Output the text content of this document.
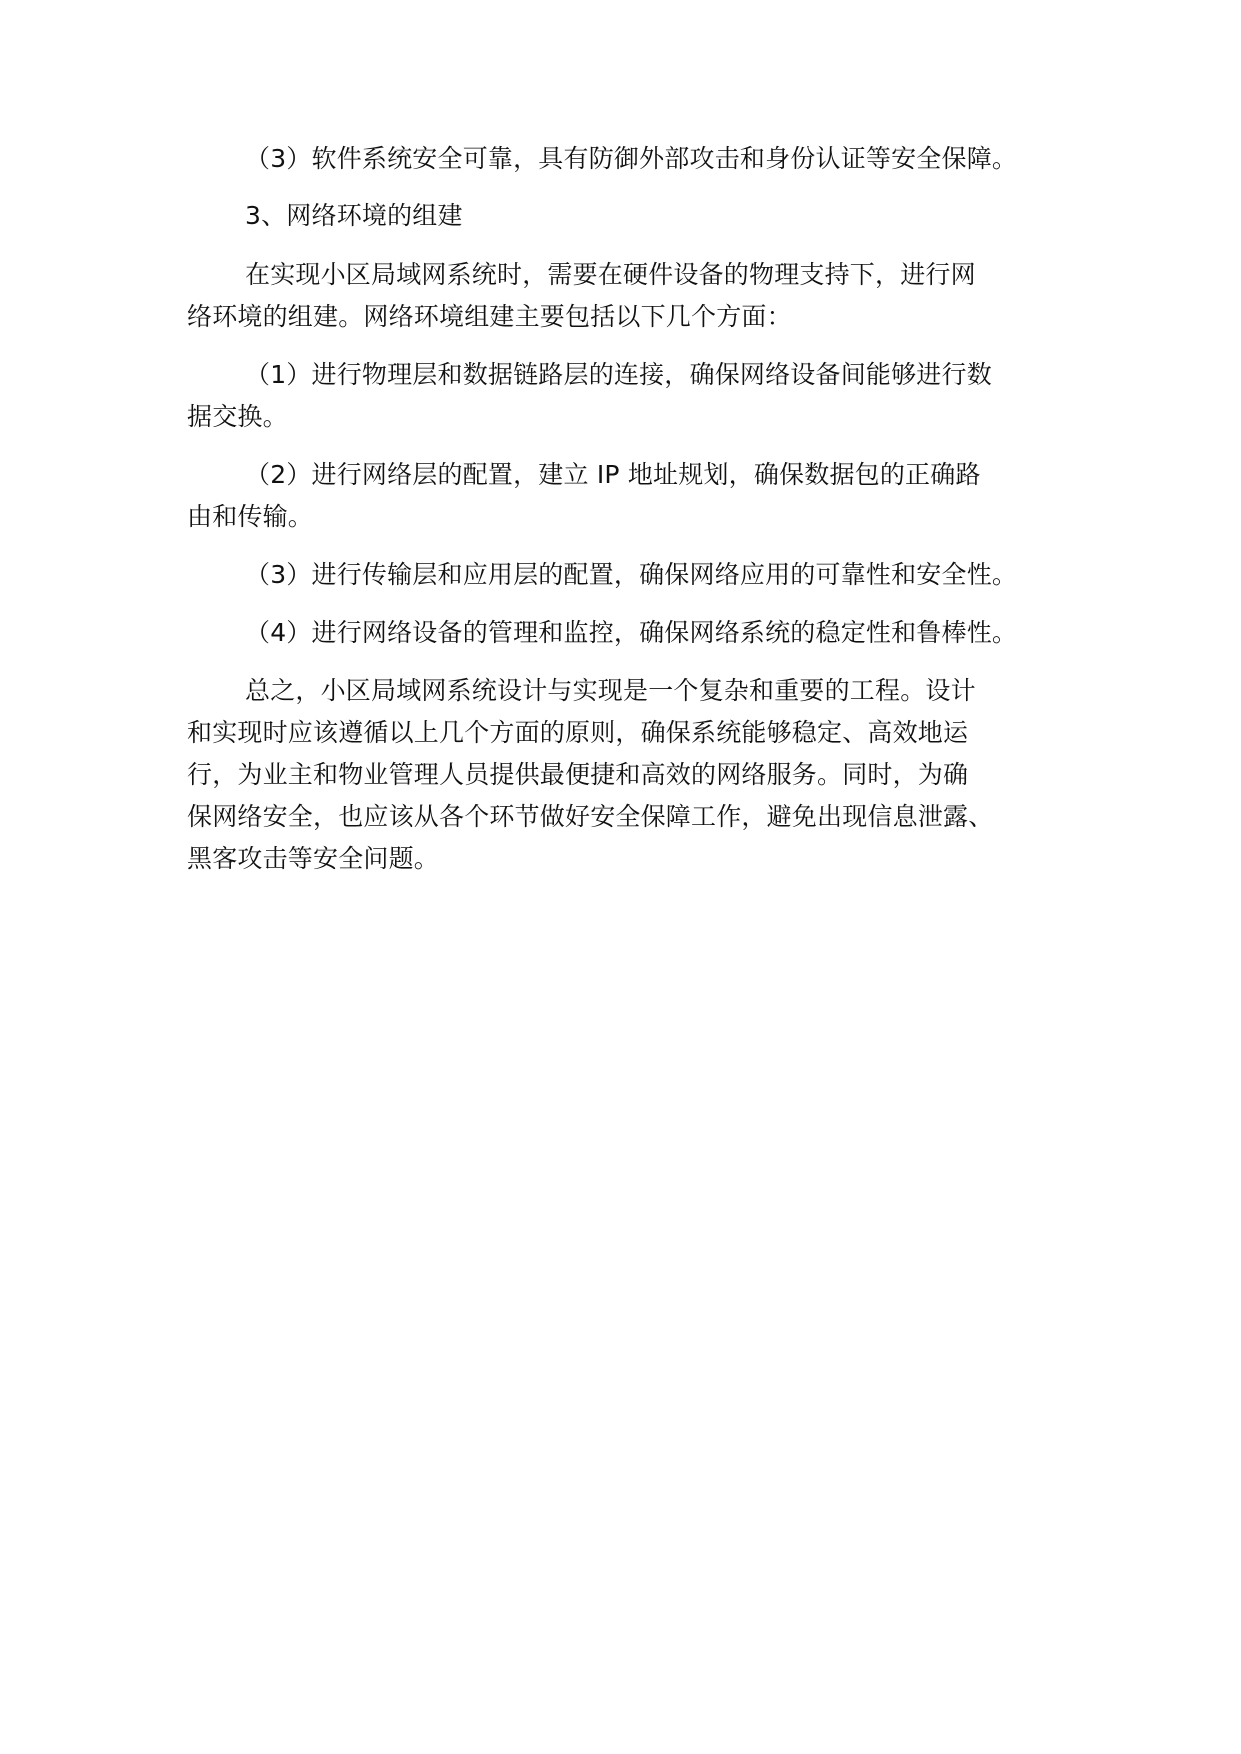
（3）软件系统安全可靠，具有防御外部攻击和身份认证等安全保障。
3、网络环境的组建
在实现小区局域网系统时，需要在硬件设备的物理支持下，进行网
络环境的组建。网络环境组建主要包括以下几个方面：
（1）进行物理层和数据链路层的连接，确保网络设备间能够进行数
据交换。
（2）进行网络层的配置，建立 IP 地址规划，确保数据包的正确路
由和传输。
（3）进行传输层和应用层的配置，确保网络应用的可靠性和安全性。
（4）进行网络设备的管理和监控，确保网络系统的稳定性和鲁棒性。
总之，小区局域网系统设计与实现是一个复杂和重要的工程。设计
和实现时应该遵循以上几个方面的原则，确保系统能够稳定、高效地运
行，为业主和物业管理人员提供最便捷和高效的网络服务。同时，为确
保网络安全，也应该从各个环节做好安全保障工作，避免出现信息泄露、
黑客攻击等安全问题。
